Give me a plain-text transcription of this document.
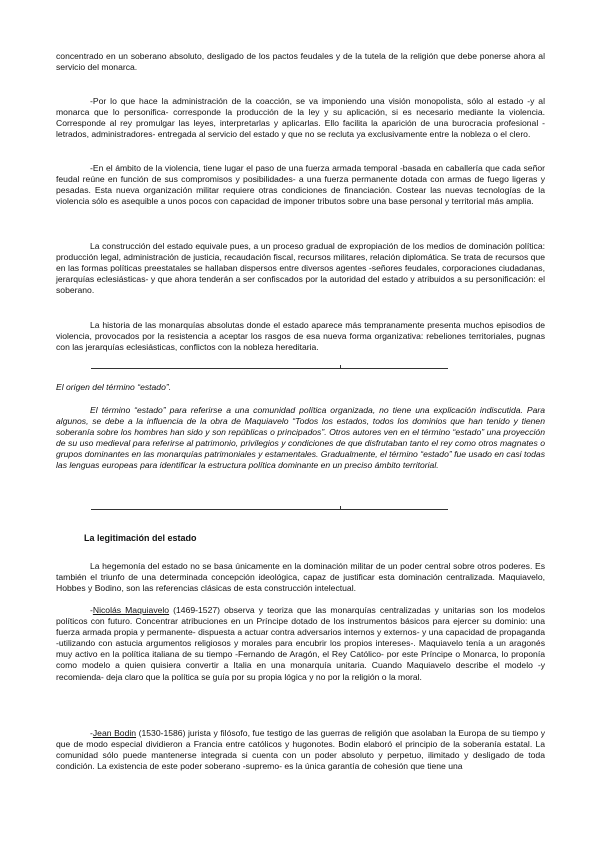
concentrado en un soberano absoluto, desligado de los pactos feudales y de la tutela de la religión que debe ponerse ahora al servicio del monarca.

-Por lo que hace la administración de la coacción, se va imponiendo una visión monopolista, sólo al estado -y al monarca que lo personifica- corresponde la producción de la ley y su aplicación, si es necesario mediante la violencia. Corresponde al rey promulgar las leyes, interpretarlas y aplicarlas. Ello facilita la aparición de una burocracia profesional -letrados, administradores- entregada al servicio del estado y que no se recluta ya exclusivamente entre la nobleza o el clero.

-En el ámbito de la violencia, tiene lugar el paso de una fuerza armada temporal -basada en caballería que cada señor feudal reúne en función de sus compromisos y posibilidades- a una fuerza permanente dotada con armas de fuego ligeras y pesadas. Esta nueva organización militar requiere otras condiciones de financiación. Costear las nuevas tecnologías de la violencia sólo es asequible a unos pocos con capacidad de imponer tributos sobre una base personal y territorial más amplia.

La construcción del estado equivale pues, a un proceso gradual de expropiación de los medios de dominación política: producción legal, administración de justicia, recaudación fiscal, recursos militares, relación diplomática. Se trata de recursos que en las formas políticas preestatales se hallaban dispersos entre diversos agentes -señores feudales, corporaciones ciudadanas, jerarquías eclesiásticas- y que ahora tenderán a ser confiscados por la autoridad del estado y atribuidos a su personificación: el soberano.

La historia de las monarquías absolutas donde el estado aparece más tempranamente presenta muchos episodios de violencia, provocados por la resistencia a aceptar los rasgos de esa nueva forma organizativa: rebeliones territoriales, pugnas con las jerarquías eclesiásticas, conflictos con la nobleza hereditaria.

El origen del término “estado”.

El término “estado” para referirse a una comunidad política organizada, no tiene una explicación indiscutida. Para algunos, se debe a la influencia de la obra de Maquiavelo “Todos los estados, todos los dominios que han tenido y tienen soberanía sobre los hombres han sido y son repúblicas o principados”. Otros autores ven en el término “estado” una proyección de su uso medieval para referirse al patrimonio, privilegios y condiciones de que disfrutaban tanto el rey como otros magnates o grupos dominantes en las monarquías patrimoniales y estamentales. Gradualmente, el término “estado” fue usado en casi todas las lenguas europeas para identificar la estructura política dominante en un preciso ámbito territorial.

La legitimación del estado

La hegemonía del estado no se basa únicamente en la dominación militar de un poder central sobre otros poderes. Es también el triunfo de una determinada concepción ideológica, capaz de justificar esta dominación centralizada. Maquiavelo, Hobbes y Bodino, son las referencias clásicas de esta construcción intelectual.

-Nicolás Maquiavelo (1469-1527) observa y teoriza que las monarquías centralizadas y unitarias son los modelos políticos con futuro. Concentrar atribuciones en un Príncipe dotado de los instrumentos básicos para ejercer su dominio: una fuerza armada propia y permanente- dispuesta a actuar contra adversarios internos y externos- y una capacidad de propaganda -utilizando con astucia argumentos religiosos y morales para encubrir los propios intereses-. Maquiavelo tenía a un aragonés muy activo en la política italiana de su tiempo -Fernando de Aragón, el Rey Católico- por este Príncipe o Monarca, lo proponía como modelo a quien quisiera convertir a Italia en una monarquía unitaria. Cuando Maquiavelo describe el modelo -y recomienda- deja claro que la política se guía por su propia lógica y no por la religión o la moral.

-Jean Bodin (1530-1586) jurista y filósofo, fue testigo de las guerras de religión que asolaban la Europa de su tiempo y que de modo especial dividieron a Francia entre católicos y hugonotes. Bodin elaboró el principio de la soberanía estatal. La comunidad sólo puede mantenerse integrada si cuenta con un poder absoluto y perpetuo, ilimitado y desligado de toda condición. La existencia de este poder soberano -supremo- es la única garantía de cohesión que tiene una
